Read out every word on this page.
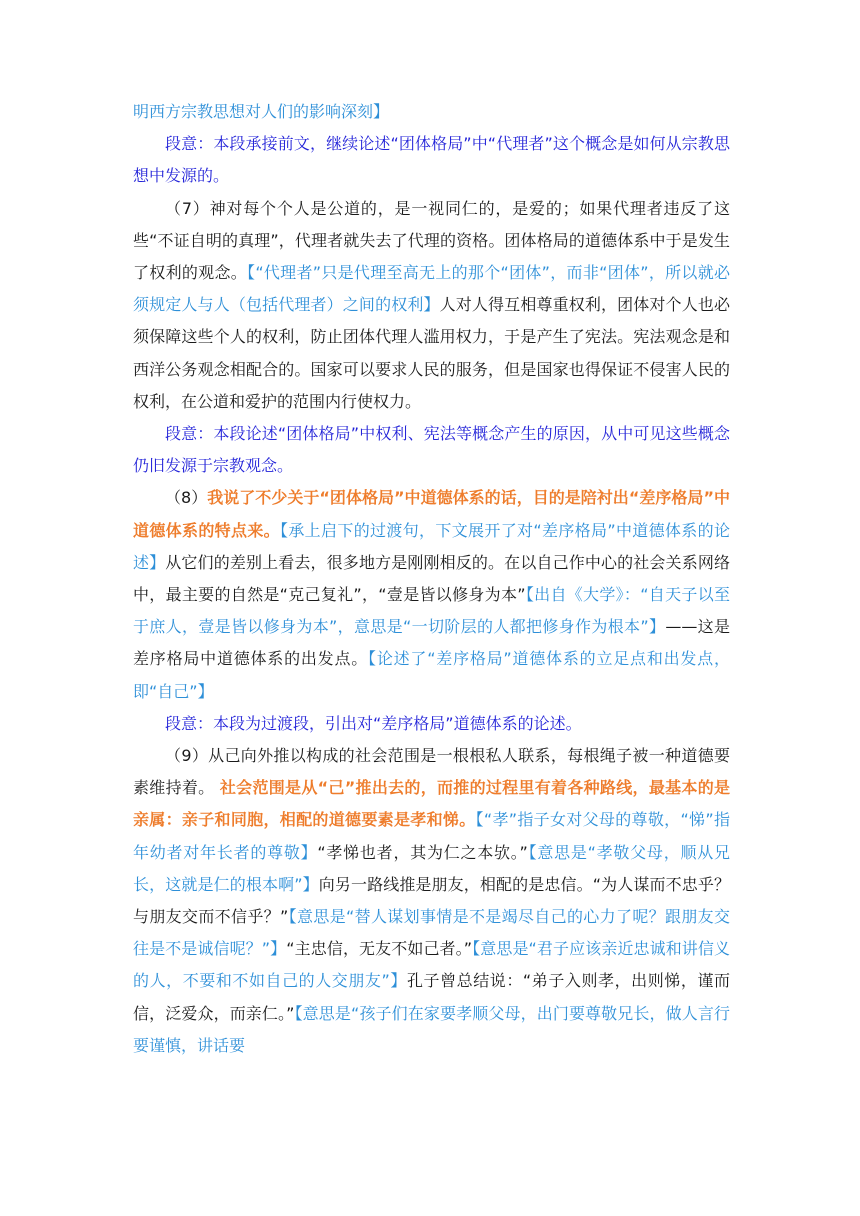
明西方宗教思想对人们的影响深刻】

段意：本段承接前文，继续论述“团体格局”中“代理者”这个概念是如何从宗教思想中发源的。

（7）神对每个个人是公道的，是一视同仁的，是爱的；如果代理者违反了这些“不证自明的真理”，代理者就失去了代理的资格。团体格局的道德体系中于是发生了权利的观念。【“代理者”只是代理至高无上的那个“团体”，而非“团体”，所以就必须规定人与人（包括代理者）之间的权利】人对人得互相尊重权利，团体对个人也必须保障这些个人的权利，防止团体代理人滥用权力，于是产生了宪法。宪法观念是和西洋公务观念相配合的。国家可以要求人民的服务，但是国家也得保证不侵害人民的权利，在公道和爱护的范围内行使权力。

段意：本段论述“团体格局”中权利、宪法等概念产生的原因，从中可见这些概念仍旧发源于宗教观念。

（8）我说了不少关于“团体格局”中道德体系的话，目的是陪衬出“差序格局”中道德体系的特点来。【承上启下的过渡句，下文展开了对“差序格局”中道德体系的论述】从它们的差别上看去，很多地方是刚刚相反的。在以自己作中心的社会关系网络中，最主要的自然是“克己复礼”，“壹是皆以修身为本”【出自《大学》：“自天子以至于庶人，壹是皆以修身为本”，意思是“一切阶层的人都把修身作为根本”】——这是差序格局中道德体系的出发点。【论述了“差序格局”道德体系的立足点和出发点，即“自己”】

段意：本段为过渡段，引出对“差序格局”道德体系的论述。

（9）从己向外推以构成的社会范围是一根根私人联系，每根绳子被一种道德要素维持着。 社会范围是从“己”推出去的，而推的过程里有着各种路线，最基本的是亲属：亲子和同胞，相配的道德要素是孝和悌。【“孝”指子女对父母的尊敬，“悌”指年幼者对年长者的尊敬】“孝悌也者，其为仁之本欤。”【意思是“孝敬父母，顺从兄长，这就是仁的根本啊”】向另一路线推是朋友，相配的是忠信。“为人谋而不忠乎？与朋友交而不信乎？”【意思是“替人谋划事情是不是竭尽自己的心力了呢？跟朋友交往是不是诚信呢？”】“主忠信，无友不如己者。”【意思是“君子应该亲近忠诚和讲信义的人，不要和不如自己的人交朋友”】孔子曾总结说：“弟子入则孝，出则悌，谨而信，泛爱众，而亲仁。”【意思是“孩子们在家要孝顺父母，出门要尊敬兄长，做人言行要谨慎，讲话要
